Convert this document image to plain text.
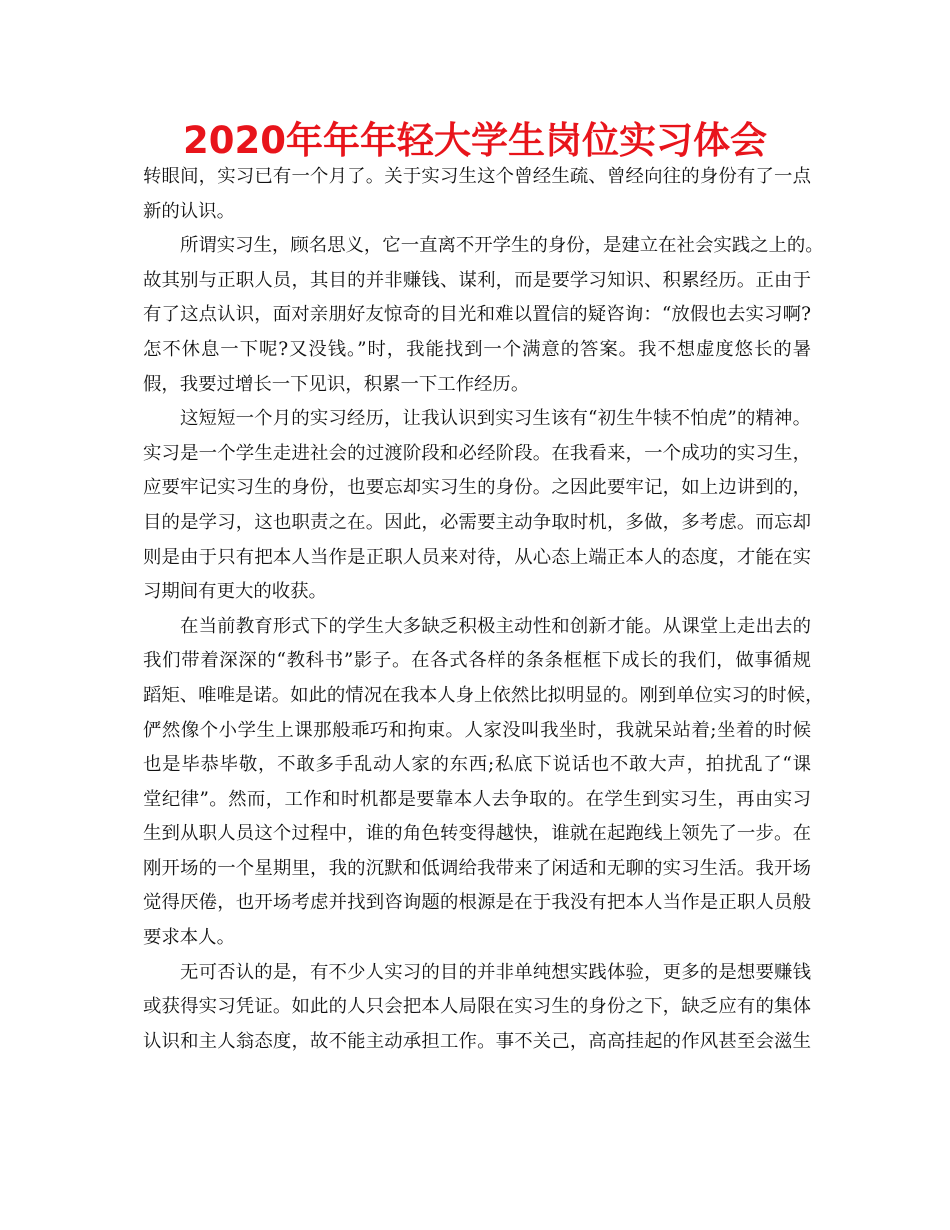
2020年年年轻大学生岗位实习体会
转眼间，实习已有一个月了。关于实习生这个曾经生疏、曾经向往的身份有了一点
新的认识。
所谓实习生，顾名思义，它一直离不开学生的身份，是建立在社会实践之上的。
故其别与正职人员，其目的并非赚钱、谋利，而是要学习知识、积累经历。正由于
有了这点认识，面对亲朋好友惊奇的目光和难以置信的疑咨询：“放假也去实习啊?
怎不休息一下呢?又没钱。”时，我能找到一个满意的答案。我不想虚度悠长的暑
假，我要过增长一下见识，积累一下工作经历。
这短短一个月的实习经历，让我认识到实习生该有“初生牛犊不怕虎”的精神。
实习是一个学生走进社会的过渡阶段和必经阶段。在我看来，一个成功的实习生，
应要牢记实习生的身份，也要忘却实习生的身份。之因此要牢记，如上边讲到的，
目的是学习，这也职责之在。因此，必需要主动争取时机，多做，多考虑。而忘却
则是由于只有把本人当作是正职人员来对待，从心态上端正本人的态度，才能在实
习期间有更大的收获。
在当前教育形式下的学生大多缺乏积极主动性和创新才能。从课堂上走出去的
我们带着深深的“教科书”影子。在各式各样的条条框框下成长的我们，做事循规
蹈矩、唯唯是诺。如此的情况在我本人身上依然比拟明显的。刚到单位实习的时候，
俨然像个小学生上课那般乖巧和拘束。人家没叫我坐时，我就呆站着;坐着的时候
也是毕恭毕敬，不敢多手乱动人家的东西;私底下说话也不敢大声，拍扰乱了“课
堂纪律”。然而，工作和时机都是要靠本人去争取的。在学生到实习生，再由实习
生到从职人员这个过程中，谁的角色转变得越快，谁就在起跑线上领先了一步。在
刚开场的一个星期里，我的沉默和低调给我带来了闲适和无聊的实习生活。我开场
觉得厌倦，也开场考虑并找到咨询题的根源是在于我没有把本人当作是正职人员般
要求本人。
无可否认的是，有不少人实习的目的并非单纯想实践体验，更多的是想要赚钱
或获得实习凭证。如此的人只会把本人局限在实习生的身份之下，缺乏应有的集体
认识和主人翁态度，故不能主动承担工作。事不关己，高高挂起的作风甚至会滋生
